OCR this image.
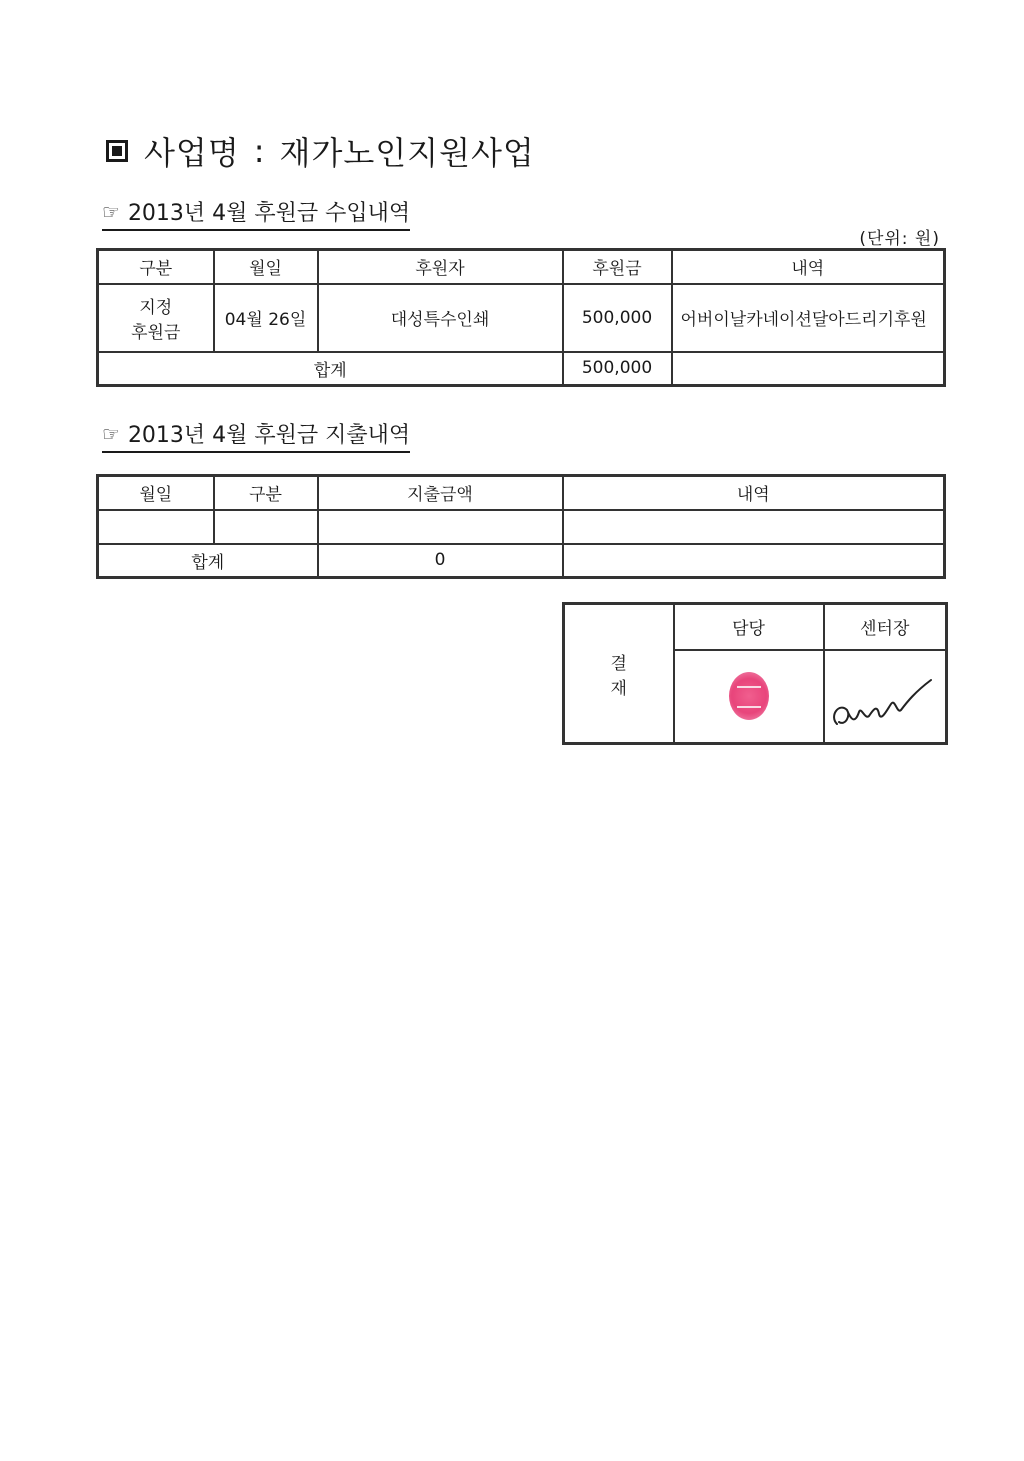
사업명 : 재가노인지원사업
☞ 2013년 4월 후원금 수입내역
(단위: 원)
구분	월일	후원자	후원금	내역

지정
후원금	04월 26일	대성특수인쇄	500,000	어버이날카네이션달아드리기후원
합계			500,000	
☞ 2013년 4월 후원금 지출내역
월일	구분	지출금액	내역

합계		0	
결
재	담당	센터장
